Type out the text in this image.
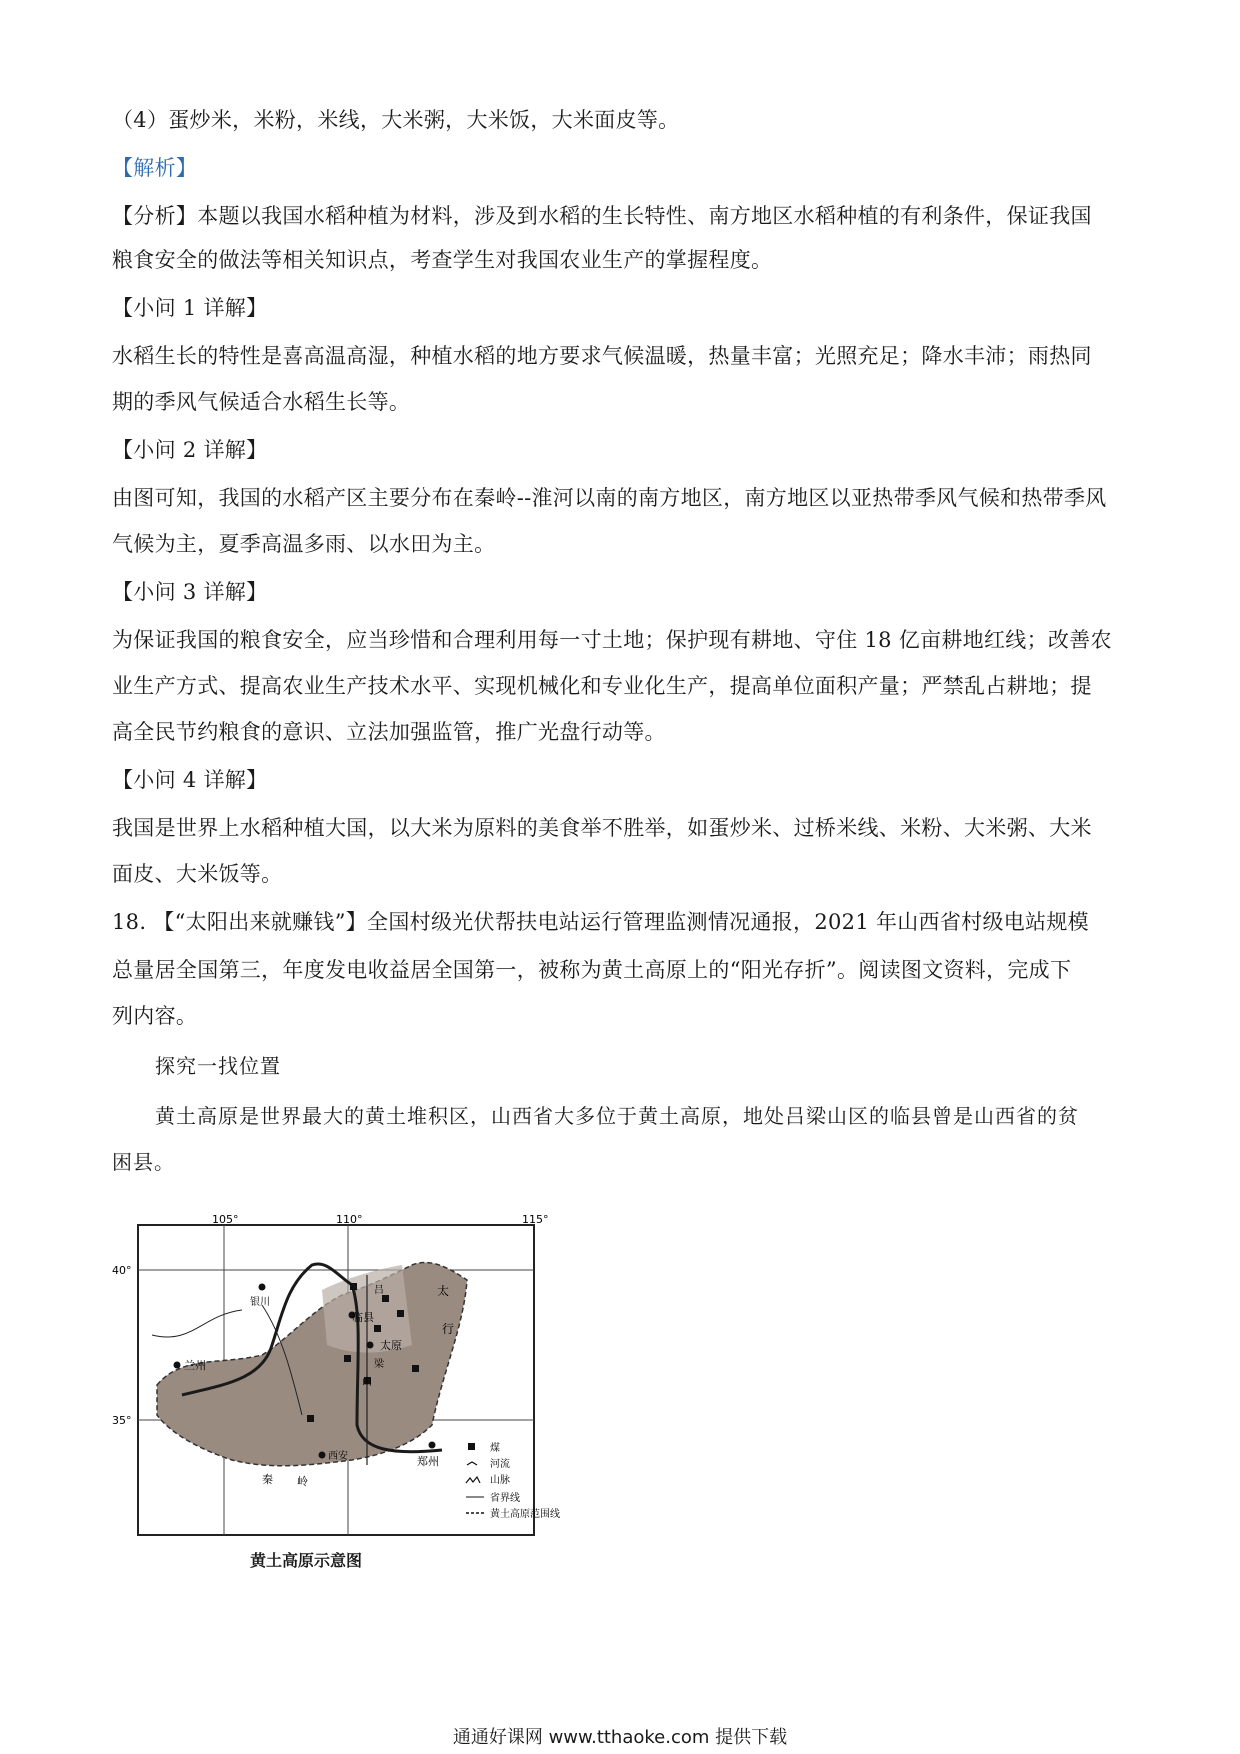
（4）蛋炒米，米粉，米线，大米粥，大米饭，大米面皮等。
【解析】
【分析】本题以我国水稻种植为材料，涉及到水稻的生长特性、南方地区水稻种植的有利条件，保证我国
粮食安全的做法等相关知识点，考查学生对我国农业生产的掌握程度。
【小问 1 详解】
水稻生长的特性是喜高温高湿，种植水稻的地方要求气候温暖，热量丰富；光照充足；降水丰沛；雨热同
期的季风气候适合水稻生长等。
【小问 2 详解】
由图可知，我国的水稻产区主要分布在秦岭--淮河以南的南方地区，南方地区以亚热带季风气候和热带季风
气候为主，夏季高温多雨、以水田为主。
【小问 3 详解】
为保证我国的粮食安全，应当珍惜和合理利用每一寸土地；保护现有耕地、守住 18 亿亩耕地红线；改善农
业生产方式、提高农业生产技术水平、实现机械化和专业化生产，提高单位面积产量；严禁乱占耕地；提
高全民节约粮食的意识、立法加强监管，推广光盘行动等。
【小问 4 详解】
我国是世界上水稻种植大国，以大米为原料的美食举不胜举，如蛋炒米、过桥米线、米粉、大米粥、大米
面皮、大米饭等。
18. 【“太阳出来就赚钱”】全国村级光伏帮扶电站运行管理监测情况通报，2021 年山西省村级电站规模
总量居全国第三，年度发电收益居全国第一，被称为黄土高原上的“阳光存折”。阅读图文资料，完成下
列内容。
探究一找位置
黄土高原是世界最大的黄土堆积区，山西省大多位于黄土高原，地处吕梁山区的临县曾是山西省的贫
困县。
105°	110°	115°
40°
35°
银川
兰州
临县
太原
西安	郑州
吕
梁
山
太
行
秦 岭
煤
河流
山脉
省界线
黄土高原范围线
黄土高原示意图
通通好课网 www.tthaoke.com 提供下载
